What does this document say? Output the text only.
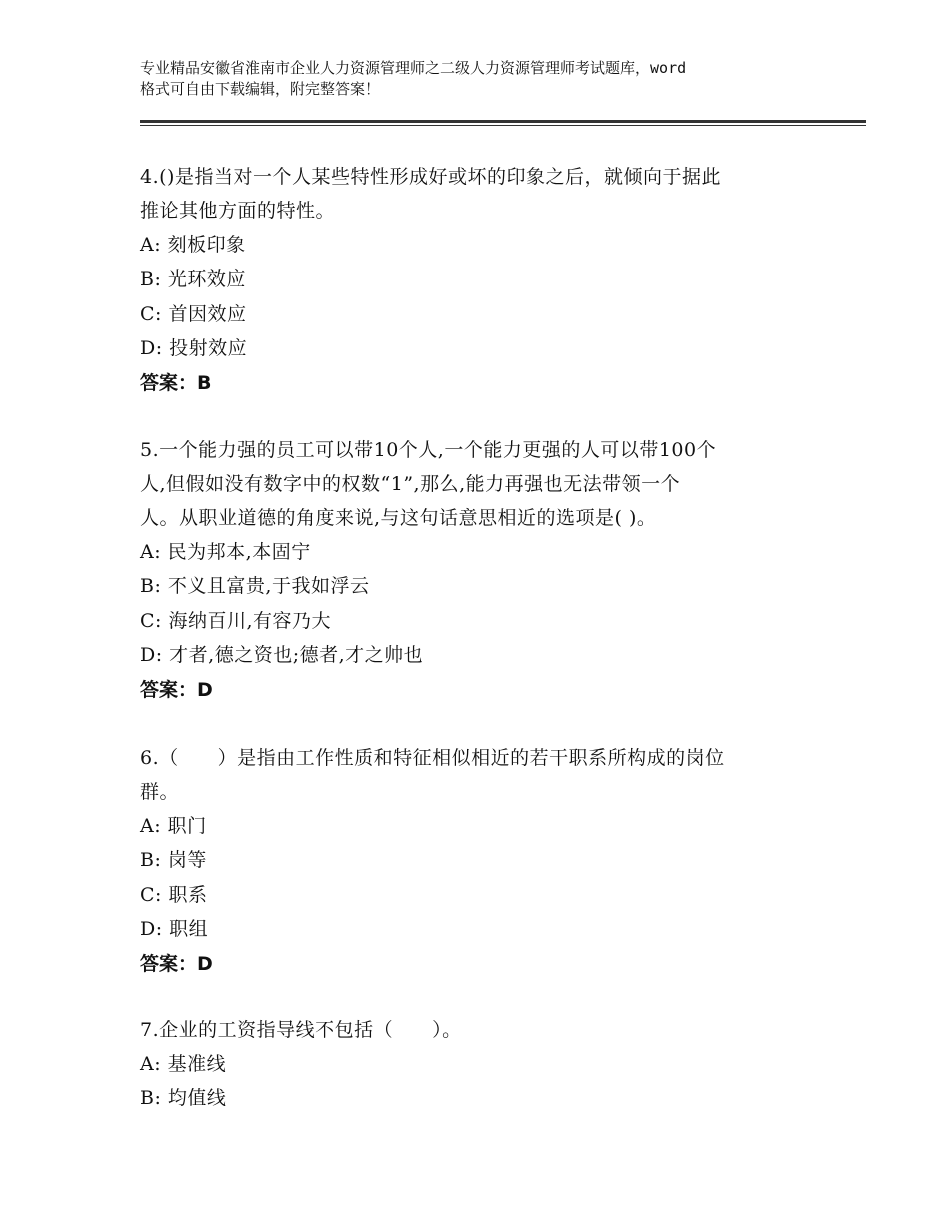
专业精品安徽省淮南市企业人力资源管理师之二级人力资源管理师考试题库，word
格式可自由下载编辑，附完整答案！
4.()是指当对一个人某些特性形成好或坏的印象之后，就倾向于据此
推论其他方面的特性。
A: 刻板印象
B: 光环效应
C: 首因效应
D: 投射效应
答案：B
5.一个能力强的员工可以带10个人,一个能力更强的人可以带100个
人,但假如没有数字中的权数“1”,那么,能力再强也无法带领一个
人。从职业道德的角度来说,与这句话意思相近的选项是( )。
A: 民为邦本,本固宁
B: 不义且富贵,于我如浮云
C: 海纳百川,有容乃大
D: 才者,德之资也;德者,才之帅也
答案：D
6.（　　）是指由工作性质和特征相似相近的若干职系所构成的岗位
群。
A: 职门
B: 岗等
C: 职系
D: 职组
答案：D
7.企业的工资指导线不包括（　　）。
A: 基准线
B: 均值线
